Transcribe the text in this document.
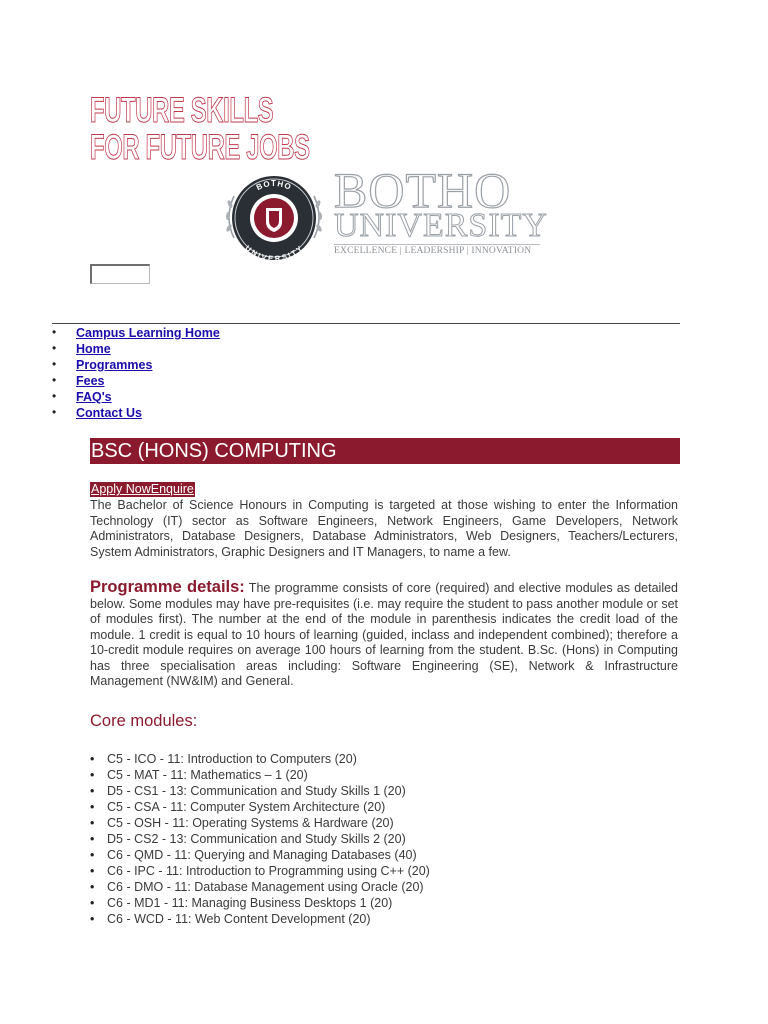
FUTURE SKILLS
FOR FUTURE JOBS
BOTHO
UNIVERSITY
BOTHO
UNIVERSITY
EXCELLENCE | LEADERSHIP | INNOVATION
• Campus Learning Home
• Home
• Programmes
• Fees
• FAQ's
• Contact Us
BSC (HONS) COMPUTING
Apply NowEnquire

The Bachelor of Science Honours in Computing is targeted at those wishing to enter the Information Technology (IT) sector as Software Engineers, Network Engineers, Game Developers, Network Administrators, Database Designers, Database Administrators, Web Designers, Teachers/Lecturers, System Administrators, Graphic Designers and IT Managers, to name a few.

Programme details: The programme consists of core (required) and elective modules as detailed below. Some modules may have pre-requisites (i.e. may require the student to pass another module or set of modules first). The number at the end of the module in parenthesis indicates the credit load of the module. 1 credit is equal to 10 hours of learning (guided, inclass and independent combined); therefore a 10-credit module requires on average 100 hours of learning from the student. B.Sc. (Hons) in Computing has three specialisation areas including: Software Engineering (SE), Network & Infrastructure Management (NW&IM) and General.

Core modules:
• C5 - ICO - 11: Introduction to Computers (20)
• C5 - MAT - 11: Mathematics – 1 (20)
• D5 - CS1 - 13: Communication and Study Skills 1 (20)
• C5 - CSA - 11: Computer System Architecture (20)
• C5 - OSH - 11: Operating Systems & Hardware (20)
• D5 - CS2 - 13: Communication and Study Skills 2 (20)
• C6 - QMD - 11: Querying and Managing Databases (40)
• C6 - IPC - 11: Introduction to Programming using C++ (20)
• C6 - DMO - 11: Database Management using Oracle (20)
• C6 - MD1 - 11: Managing Business Desktops 1 (20)
• C6 - WCD - 11: Web Content Development (20)
